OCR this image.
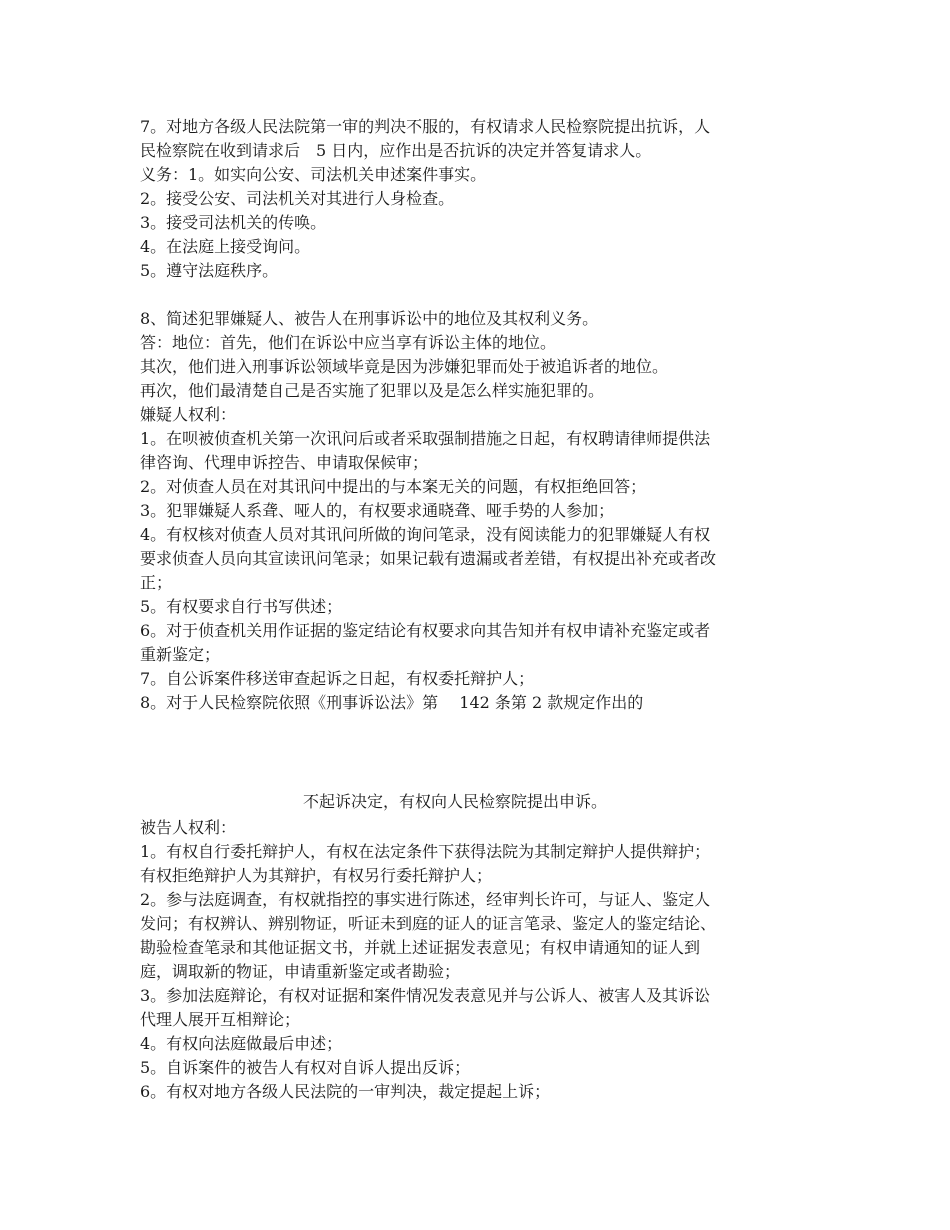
7。对地方各级人民法院第一审的判决不服的，有权请求人民检察院提出抗诉，人
民检察院在收到请求后　5 日内，应作出是否抗诉的决定并答复请求人。
义务：1。如实向公安、司法机关申述案件事实。
2。接受公安、司法机关对其进行人身检查。
3。接受司法机关的传唤。
4。在法庭上接受询问。
5。遵守法庭秩序。
8、简述犯罪嫌疑人、被告人在刑事诉讼中的地位及其权利义务。
答：地位：首先，他们在诉讼中应当享有诉讼主体的地位。
其次，他们进入刑事诉讼领域毕竟是因为涉嫌犯罪而处于被追诉者的地位。
再次，他们最清楚自己是否实施了犯罪以及是怎么样实施犯罪的。
嫌疑人权利：
1。在呗被侦查机关第一次讯问后或者采取强制措施之日起，有权聘请律师提供法
律咨询、代理申诉控告、申请取保候审；
2。对侦查人员在对其讯问中提出的与本案无关的问题，有权拒绝回答；
3。犯罪嫌疑人系聋、哑人的，有权要求通晓聋、哑手势的人参加；
4。有权核对侦查人员对其讯问所做的询问笔录，没有阅读能力的犯罪嫌疑人有权
要求侦查人员向其宣读讯问笔录；如果记载有遗漏或者差错，有权提出补充或者改
正；
5。有权要求自行书写供述；
6。对于侦查机关用作证据的鉴定结论有权要求向其告知并有权申请补充鉴定或者
重新鉴定；
7。自公诉案件移送审查起诉之日起，有权委托辩护人；
8。对于人民检察院依照《刑事诉讼法》第　 142 条第 2 款规定作出的
不起诉决定，有权向人民检察院提出申诉。
被告人权利：
1。有权自行委托辩护人，有权在法定条件下获得法院为其制定辩护人提供辩护；
有权拒绝辩护人为其辩护，有权另行委托辩护人；
2。参与法庭调查，有权就指控的事实进行陈述，经审判长许可，与证人、鉴定人
发问；有权辨认、辨别物证，听证未到庭的证人的证言笔录、鉴定人的鉴定结论、
勘验检查笔录和其他证据文书，并就上述证据发表意见；有权申请通知的证人到
庭，调取新的物证，申请重新鉴定或者勘验；
3。参加法庭辩论，有权对证据和案件情况发表意见并与公诉人、被害人及其诉讼
代理人展开互相辩论；
4。有权向法庭做最后申述；
5。自诉案件的被告人有权对自诉人提出反诉；
6。有权对地方各级人民法院的一审判决，裁定提起上诉；
